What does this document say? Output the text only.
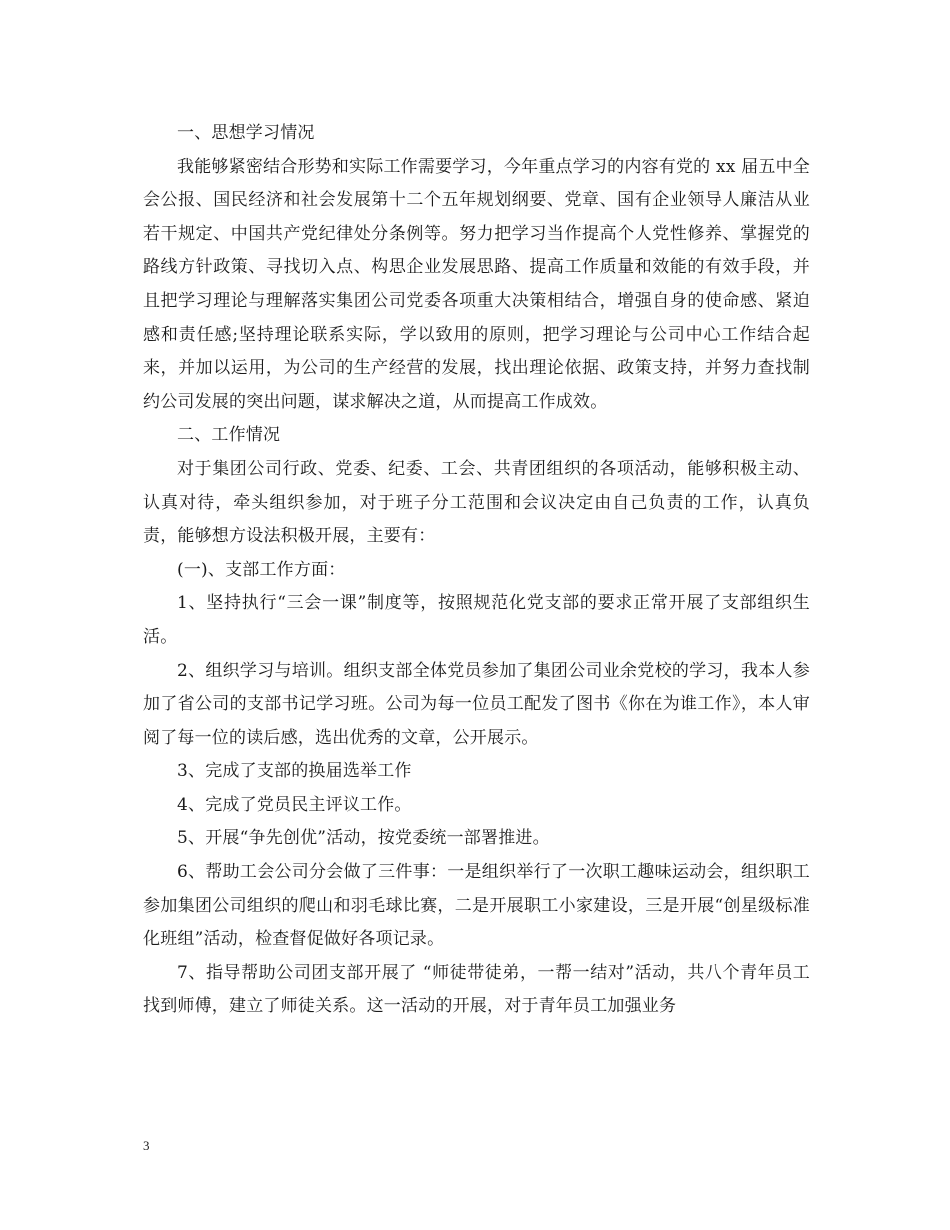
一、思想学习情况

我能够紧密结合形势和实际工作需要学习，今年重点学习的内容有党的 xx 届五中全会公报、国民经济和社会发展第十二个五年规划纲要、党章、国有企业领导人廉洁从业若干规定、中国共产党纪律处分条例等。努力把学习当作提高个人党性修养、掌握党的路线方针政策、寻找切入点、构思企业发展思路、提高工作质量和效能的有效手段，并且把学习理论与理解落实集团公司党委各项重大决策相结合，增强自身的使命感、紧迫感和责任感;坚持理论联系实际，学以致用的原则，把学习理论与公司中心工作结合起来，并加以运用，为公司的生产经营的发展，找出理论依据、政策支持，并努力查找制约公司发展的突出问题，谋求解决之道，从而提高工作成效。

二、工作情况

对于集团公司行政、党委、纪委、工会、共青团组织的各项活动，能够积极主动、认真对待，牵头组织参加，对于班子分工范围和会议决定由自己负责的工作，认真负责，能够想方设法积极开展，主要有：

(一)、支部工作方面：

1、坚持执行“三会一课”制度等，按照规范化党支部的要求正常开展了支部组织生活。

2、组织学习与培训。组织支部全体党员参加了集团公司业余党校的学习，我本人参加了省公司的支部书记学习班。公司为每一位员工配发了图书《你在为谁工作》，本人审阅了每一位的读后感，选出优秀的文章，公开展示。

3、完成了支部的换届选举工作

4、完成了党员民主评议工作。

5、开展“争先创优”活动，按党委统一部署推进。

6、帮助工会公司分会做了三件事：一是组织举行了一次职工趣味运动会，组织职工参加集团公司组织的爬山和羽毛球比赛，二是开展职工小家建设，三是开展“创星级标准化班组”活动，检查督促做好各项记录。

7、指导帮助公司团支部开展了 “师徒带徒弟，一帮一结对”活动，共八个青年员工找到师傅，建立了师徒关系。这一活动的开展，对于青年员工加强业务

3
